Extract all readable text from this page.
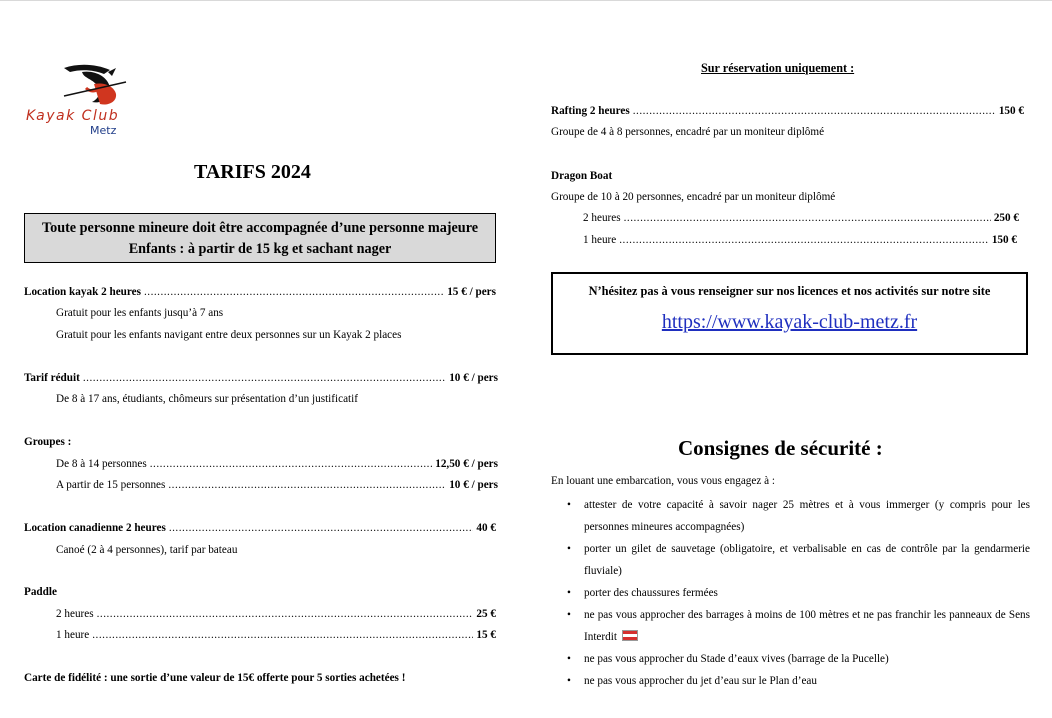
Kayak Club
Metz
TARIFS 2024
Toute personne mineure doit être accompagnée d’une personne majeure
Enfants : à partir de 15 kg et sachant nager
Location kayak 2 heures .....	15 € / pers
Gratuit pour les enfants jusqu’à 7 ans
Gratuit pour les enfants navigant entre deux personnes sur un Kayak 2 places
Tarif réduit .....	10 € / pers
De 8 à 17 ans, étudiants, chômeurs sur présentation d’un justificatif
Groupes :
De 8 à 14 personnes .....	12,50 € / pers
A partir de 15 personnes .....	10 € / pers
Location canadienne 2 heures .....	40 €
Canoé (2 à 4 personnes), tarif par bateau
Paddle
2 heures .....	25 €
1 heure .....	15 €
Carte de fidélité : une sortie d’une valeur de 15€ offerte pour 5 sorties achetées !
Sur réservation uniquement :
Rafting 2 heures .....	150 €
Groupe de 4 à 8 personnes, encadré par un moniteur diplômé
Dragon Boat
Groupe de 10 à 20 personnes, encadré par un moniteur diplômé
2 heures .....	250 €
1 heure .....	150 €
N’hésitez pas à vous renseigner sur nos licences et nos activités sur notre site
https://www.kayak-club-metz.fr
Consignes de sécurité :
En louant une embarcation, vous vous engagez à :
• attester de votre capacité à savoir nager 25 mètres et à vous immerger (y compris pour les personnes mineures accompagnées)
• porter un gilet de sauvetage (obligatoire, et verbalisable en cas de contrôle par la gendarmerie fluviale)
• porter des chaussures fermées
• ne pas vous approcher des barrages à moins de 100 mètres et ne pas franchir les panneaux de Sens Interdit
• ne pas vous approcher du Stade d’eaux vives (barrage de la Pucelle)
• ne pas vous approcher du jet d’eau sur le Plan d’eau
